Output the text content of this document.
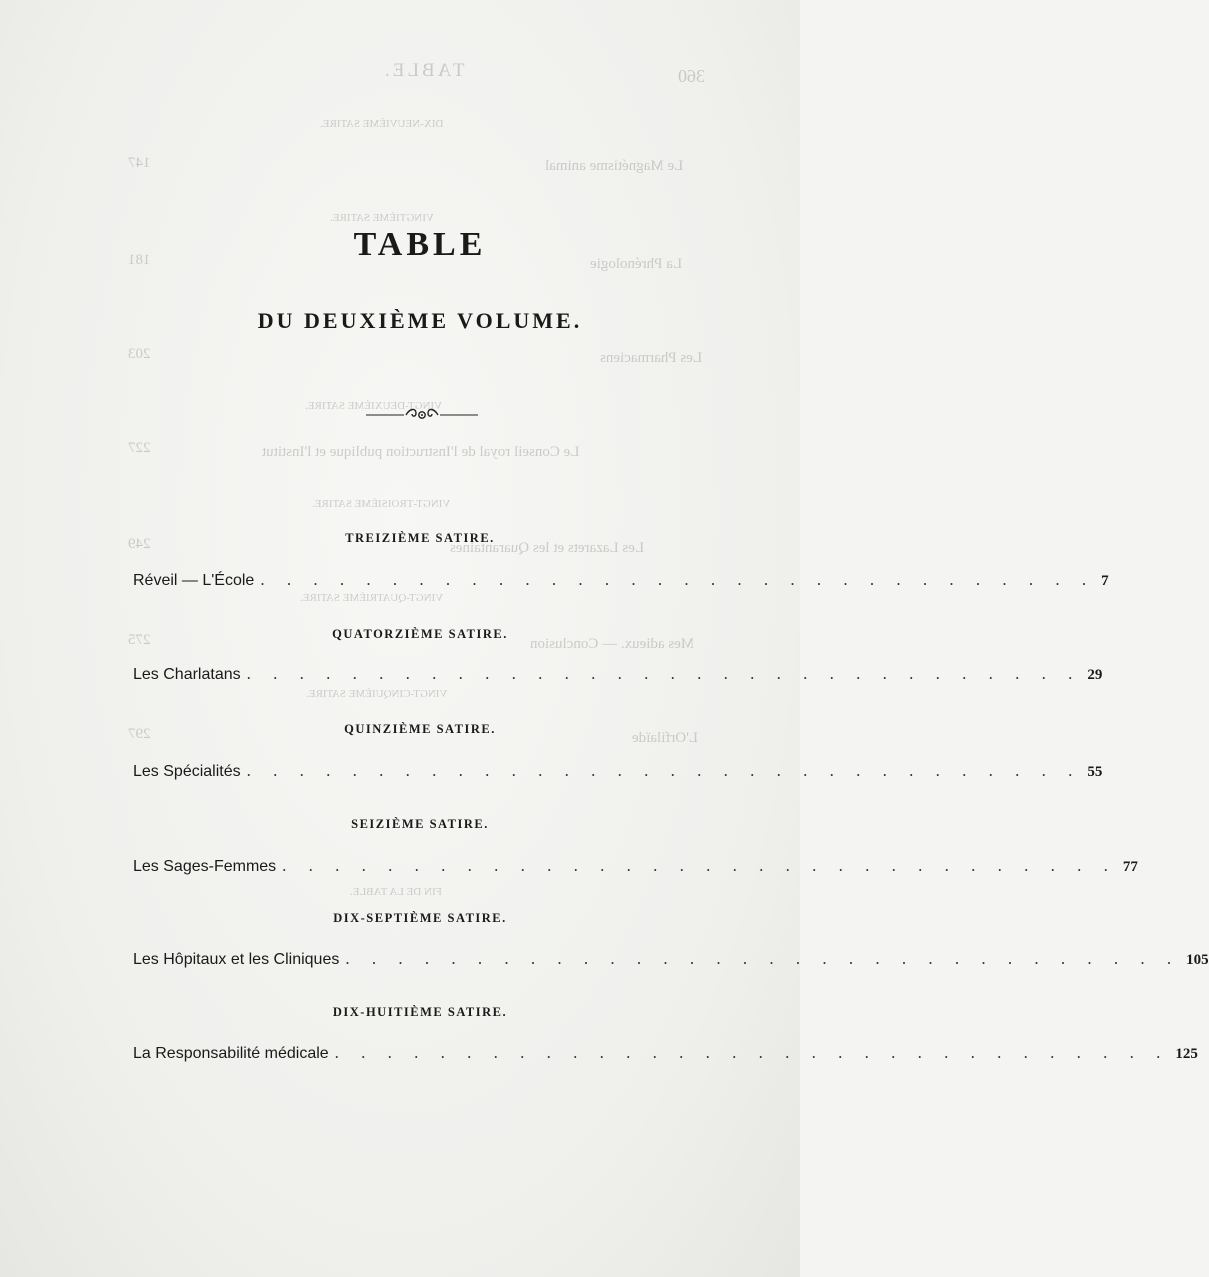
360
TABLE.
DIX-NEUVIÈME SATIRE.
Le Magnétisme animal
147
VINGTIÈME SATIRE.
La Phrénologie
181
Les Pharmaciens
203
VINGT-DEUXIÈME SATIRE.
Le Conseil royal de l'Instruction publique et l'Institut
227
VINGT-TROISIÈME SATIRE.
Les Lazarets et les Quarantaines
249
VINGT-QUATRIÈME SATIRE.
Mes adieux. — Conclusion
275
VINGT-CINQUIÈME SATIRE.
L'Orfilaïde
297
FIN DE LA TABLE.
TABLE
DU DEUXIÈME VOLUME.
TREIZIÈME SATIRE.
Réveil — L'École . . . . . . . . . . . . . . . . . . . . . . . . . . . . . . . . 7
QUATORZIÈME SATIRE.
Les Charlatans . . . . . . . . . . . . . . . . . . . . . . . . . . . . . . . . 29
QUINZIÈME SATIRE.
Les Spécialités . . . . . . . . . . . . . . . . . . . . . . . . . . . . . . . . 55
SEIZIÈME SATIRE.
Les Sages-Femmes . . . . . . . . . . . . . . . . . . . . . . . . . . . . . . . . 77
DIX-SEPTIÈME SATIRE.
Les Hôpitaux et les Cliniques . . . . . . . . . . . . . . . . . . . . . . . . . . . . . . . . 105
DIX-HUITIÈME SATIRE.
La Responsabilité médicale . . . . . . . . . . . . . . . . . . . . . . . . . . . . . . . . 125
